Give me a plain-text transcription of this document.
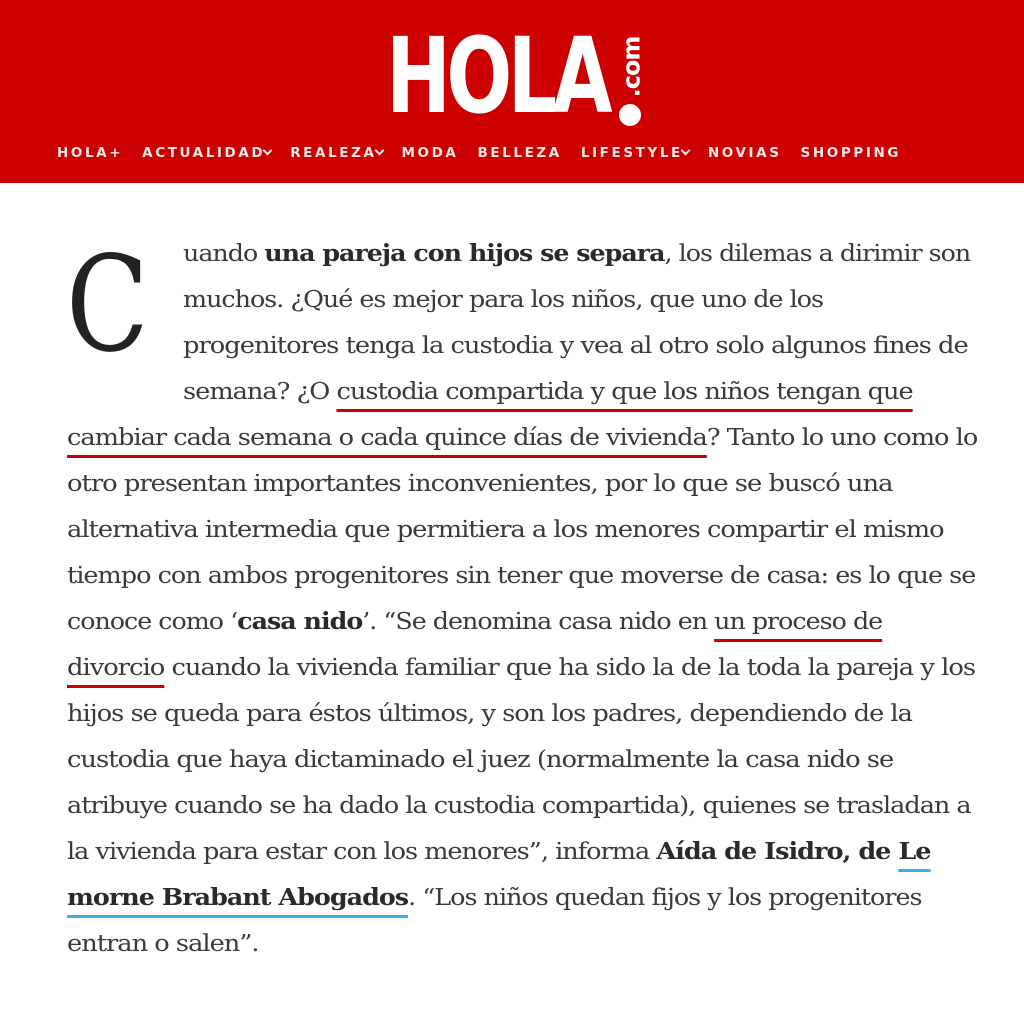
HOLA .com
HOLA+ ACTUALIDAD REALEZA MODA BELLEZA LIFESTYLE NOVIAS SHOPPING
C uando una pareja con hijos se separa, los dilemas a dirimir son
muchos. ¿Qué es mejor para los niños, que uno de los
progenitores tenga la custodia y vea al otro solo algunos fines de
semana? ¿O custodia compartida y que los niños tengan que
cambiar cada semana o cada quince días de vivienda? Tanto lo uno como lo
otro presentan importantes inconvenientes, por lo que se buscó una
alternativa intermedia que permitiera a los menores compartir el mismo
tiempo con ambos progenitores sin tener que moverse de casa: es lo que se
conoce como ‘casa nido’. “Se denomina casa nido en un proceso de
divorcio cuando la vivienda familiar que ha sido la de la toda la pareja y los
hijos se queda para éstos últimos, y son los padres, dependiendo de la
custodia que haya dictaminado el juez (normalmente la casa nido se
atribuye cuando se ha dado la custodia compartida), quienes se trasladan a
la vivienda para estar con los menores”, informa Aída de Isidro, de Le
morne Brabant Abogados. “Los niños quedan fijos y los progenitores
entran o salen”.
